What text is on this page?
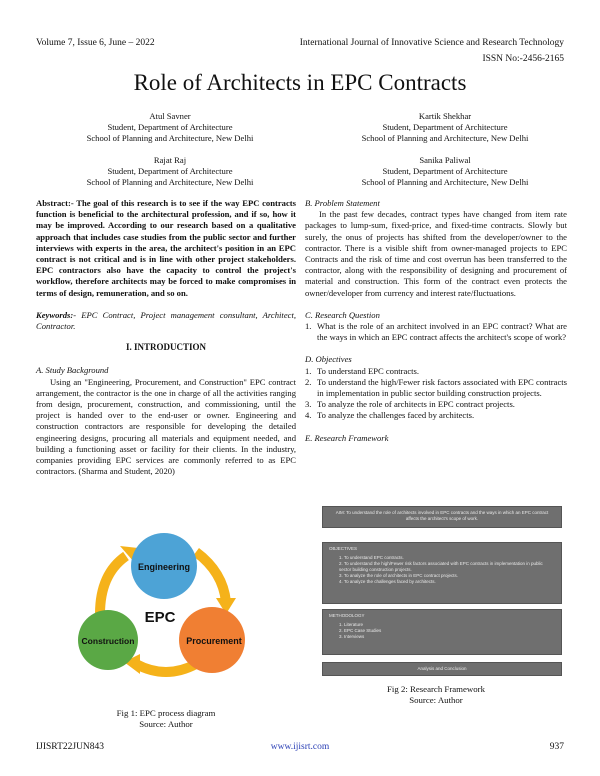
Volume 7, Issue 6, June – 2022	International Journal of Innovative Science and Research Technology
ISSN No:-2456-2165
Role of Architects in EPC Contracts
Atul Savner
Student, Department of Architecture
School of Planning and Architecture, New Delhi
Kartik Shekhar
Student, Department of Architecture
School of Planning and Architecture, New Delhi
Rajat Raj
Student, Department of Architecture
School of Planning and Architecture, New Delhi
Sanika Paliwal
Student, Department of Architecture
School of Planning and Architecture, New Delhi
Abstract:- The goal of this research is to see if the way EPC contracts function is beneficial to the architectural profession, and if so, how it may be improved. According to our research based on a qualitative approach that includes case studies from the public sector and further interviews with experts in the area, the architect's position in an EPC contract is not critical and is in line with other project stakeholders. EPC contractors also have the capacity to control the project's workflow, therefore architects may be forced to make compromises in terms of design, remuneration, and so on.
Keywords:- EPC Contract, Project management consultant, Architect, Contractor.
I. INTRODUCTION
A. Study Background
Using an "Engineering, Procurement, and Construction" EPC contract arrangement, the contractor is the one in charge of all the activities ranging from design, procurement, construction, and commissioning, until the project is handed over to the end-user or owner. Engineering and construction contractors are responsible for developing the detailed engineering designs, procuring all materials and equipment needed, and building a functioning asset or facility for their clients. In the industry, companies providing EPC services are commonly referred to as EPC contractors. (Sharma and Student, 2020)
Engineering
Procurement
Construction
EPC
Fig 1: EPC process diagram
Source: Author
B. Problem Statement
In the past few decades, contract types have changed from item rate packages to lump-sum, fixed-price, and fixed-time contracts. Slowly but surely, the onus of projects has shifted from the developer/owner to the contractor. There is a visible shift from owner-managed projects to EPC Contracts and the risk of time and cost overrun has been transferred to the contractor, along with the responsibility of designing and procurement of material and construction. This form of the contract even protects the owner/developer from currency and interest rate/fluctuations.
C. Research Question
1. What is the role of an architect involved in an EPC contract? What are the ways in which an EPC contract affects the architect's scope of work?
D. Objectives
1. To understand EPC contracts.
2. To understand the high/Fewer risk factors associated with EPC contracts in implementation in public sector building construction projects.
3. To analyze the role of architects in EPC contract projects.
4. To analyze the challenges faced by architects.
E. Research Framework
AIM: To understand the role of architects involved in EPC contracts and the ways in which an EPC contract affects the architect's scope of work.
OBJECTIVES
1. To understand EPC contracts.
2. To understand the high/Fewer risk factors associated with EPC contracts in implementation in public sector building construction projects.
3. To analyze the role of architects in EPC contract projects.
4. To analyze the challenges faced by architects.
METHODOLOGY
1. Literature
2. EPC Case Studies
3. Interviews
Analysis and Conclusion
Fig 2: Research Framework
Source: Author
IJISRT22JUN843	www.ijisrt.com	937
